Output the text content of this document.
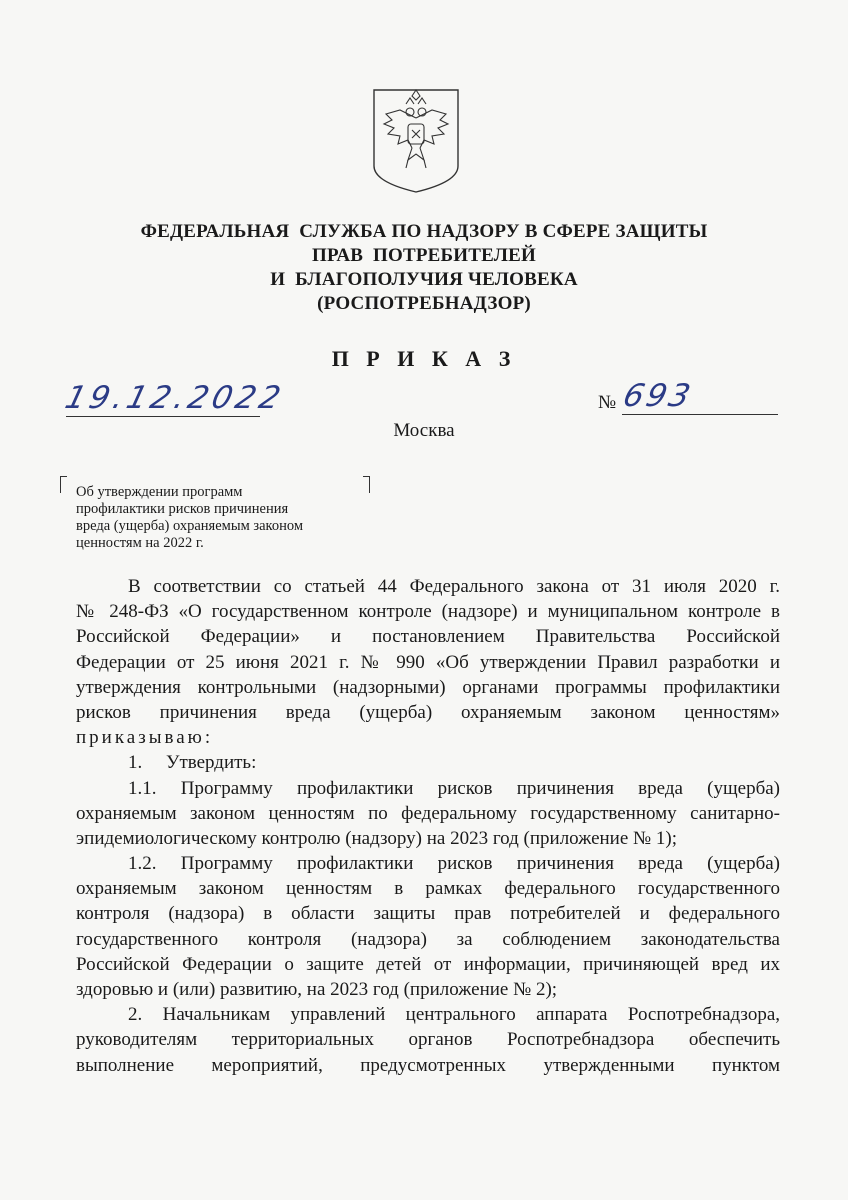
ФЕДЕРАЛЬНАЯ  СЛУЖБА ПО НАДЗОРУ В СФЕРЕ ЗАЩИТЫ
ПРАВ  ПОТРЕБИТЕЛЕЙ
И  БЛАГОПОЛУЧИЯ ЧЕЛОВЕКА
(РОСПОТРЕБНАДЗОР)
П Р И К А З
19.12.2022	№ 693
Москва
Об утверждении программ
профилактики рисков причинения
вреда (ущерба) охраняемым законом
ценностям на 2022 г.
В соответствии со статьей 44 Федерального закона от 31 июля 2020 г.
№ 248-ФЗ «О государственном контроле (надзоре) и муниципальном контроле в
Российской Федерации» и постановлением Правительства Российской
Федерации от 25 июня 2021 г. № 990 «Об утверждении Правил разработки и
утверждения контрольными (надзорными) органами программы профилактики
рисков причинения вреда (ущерба) охраняемым законом ценностям»
приказываю:
1.     Утвердить:
1.1. Программу профилактики рисков причинения вреда (ущерба)
охраняемым законом ценностям по федеральному государственному санитарно-
эпидемиологическому контролю (надзору) на 2023 год (приложение № 1);
1.2. Программу профилактики рисков причинения вреда (ущерба)
охраняемым законом ценностям в рамках федерального государственного
контроля (надзора) в области защиты прав потребителей и федерального
государственного контроля (надзора) за соблюдением законодательства
Российской Федерации о защите детей от информации, причиняющей вред их
здоровью и (или) развитию, на 2023 год (приложение № 2);
2. Начальникам управлений центрального аппарата Роспотребнадзора,
руководителям территориальных органов Роспотребнадзора обеспечить
выполнение мероприятий, предусмотренных утвержденными пунктом
